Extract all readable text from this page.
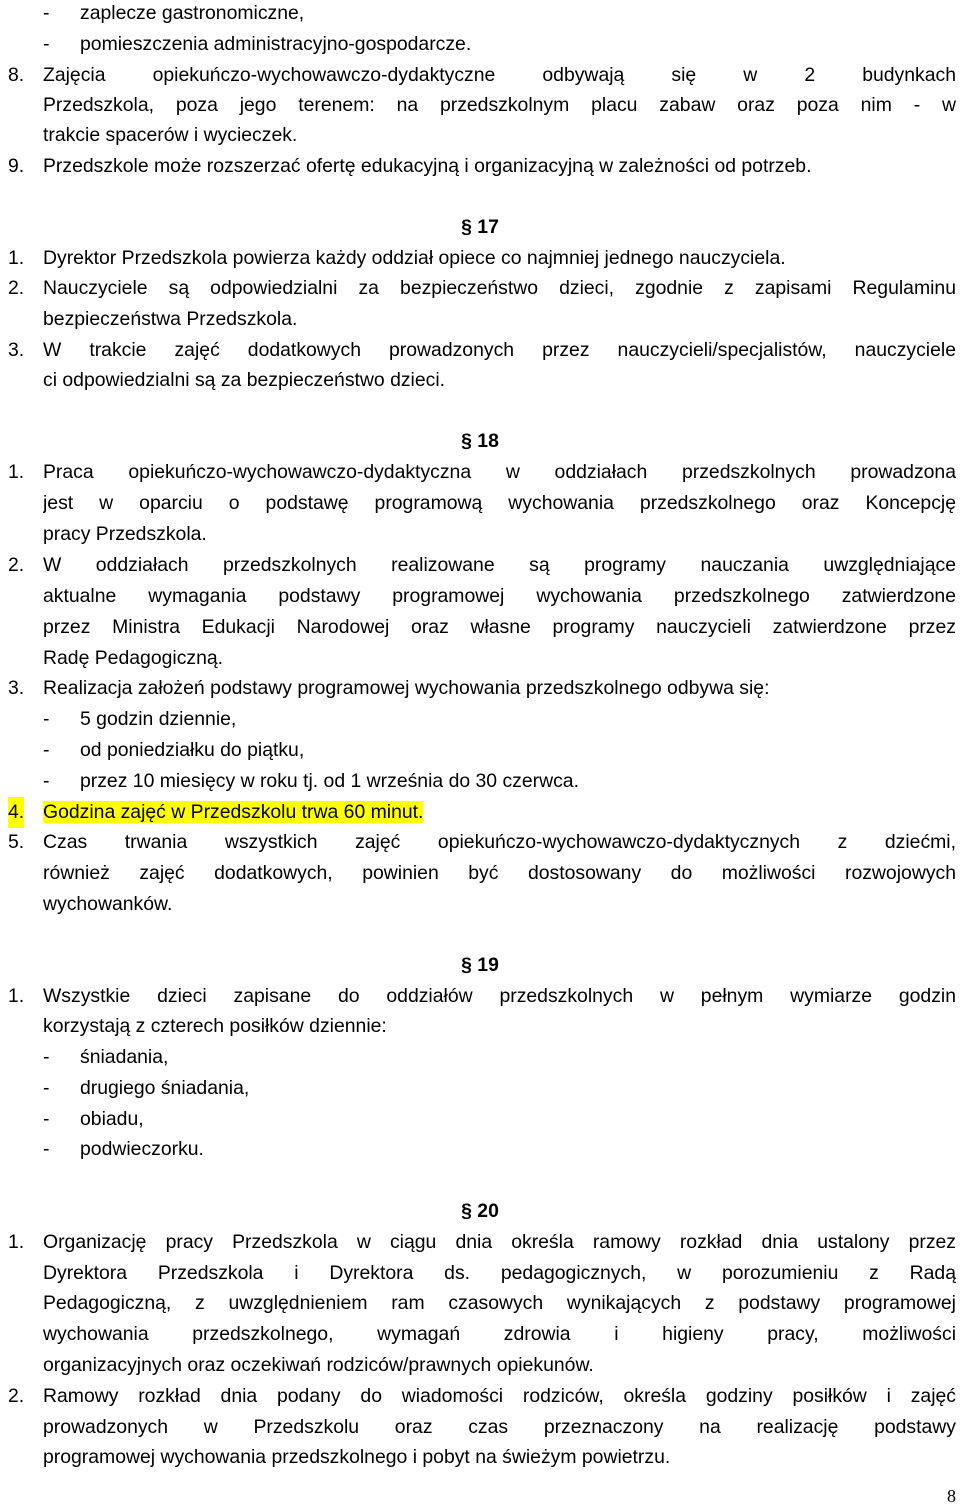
- zaplecze gastronomiczne,
- pomieszczenia administracyjno-gospodarcze.
8. Zajęcia opiekuńczo-wychowawczo-dydaktyczne odbywają się w 2 budynkach
Przedszkola, poza jego terenem: na przedszkolnym placu zabaw oraz poza nim - w
trakcie spacerów i wycieczek.
9. Przedszkole może rozszerzać ofertę edukacyjną i organizacyjną w zależności od potrzeb.
§ 17
1. Dyrektor Przedszkola powierza każdy oddział opiece co najmniej jednego nauczyciela.
2. Nauczyciele są odpowiedzialni za bezpieczeństwo dzieci, zgodnie z zapisami Regulaminu
bezpieczeństwa Przedszkola.
3. W trakcie zajęć dodatkowych prowadzonych przez nauczycieli/specjalistów, nauczyciele
ci odpowiedzialni są za bezpieczeństwo dzieci.
§ 18
1. Praca opiekuńczo-wychowawczo-dydaktyczna w oddziałach przedszkolnych prowadzona
jest w oparciu o podstawę programową wychowania przedszkolnego oraz Koncepcję
pracy Przedszkola.
2. W oddziałach przedszkolnych realizowane są programy nauczania uwzględniające
aktualne wymagania podstawy programowej wychowania przedszkolnego zatwierdzone
przez Ministra Edukacji Narodowej oraz własne programy nauczycieli zatwierdzone przez
Radę Pedagogiczną.
3. Realizacja założeń podstawy programowej wychowania przedszkolnego odbywa się:
- 5 godzin dziennie,
- od poniedziałku do piątku,
- przez 10 miesięcy w roku tj. od 1 września do 30 czerwca.
4. Godzina zajęć w Przedszkolu trwa 60 minut.
5. Czas trwania wszystkich zajęć opiekuńczo-wychowawczo-dydaktycznych z dziećmi,
również zajęć dodatkowych, powinien być dostosowany do możliwości rozwojowych
wychowanków.
§ 19
1. Wszystkie dzieci zapisane do oddziałów przedszkolnych w pełnym wymiarze godzin
korzystają z czterech posiłków dziennie:
- śniadania,
- drugiego śniadania,
- obiadu,
- podwieczorku.
§ 20
1. Organizację pracy Przedszkola w ciągu dnia określa ramowy rozkład dnia ustalony przez
Dyrektora Przedszkola i Dyrektora ds. pedagogicznych, w porozumieniu z Radą
Pedagogiczną, z uwzględnieniem ram czasowych wynikających z podstawy programowej
wychowania przedszkolnego, wymagań zdrowia i higieny pracy, możliwości
organizacyjnych oraz oczekiwań rodziców/prawnych opiekunów.
2. Ramowy rozkład dnia podany do wiadomości rodziców, określa godziny posiłków i zajęć
prowadzonych w Przedszkolu oraz czas przeznaczony na realizację podstawy
programowej wychowania przedszkolnego i pobyt na świeżym powietrzu.
8
